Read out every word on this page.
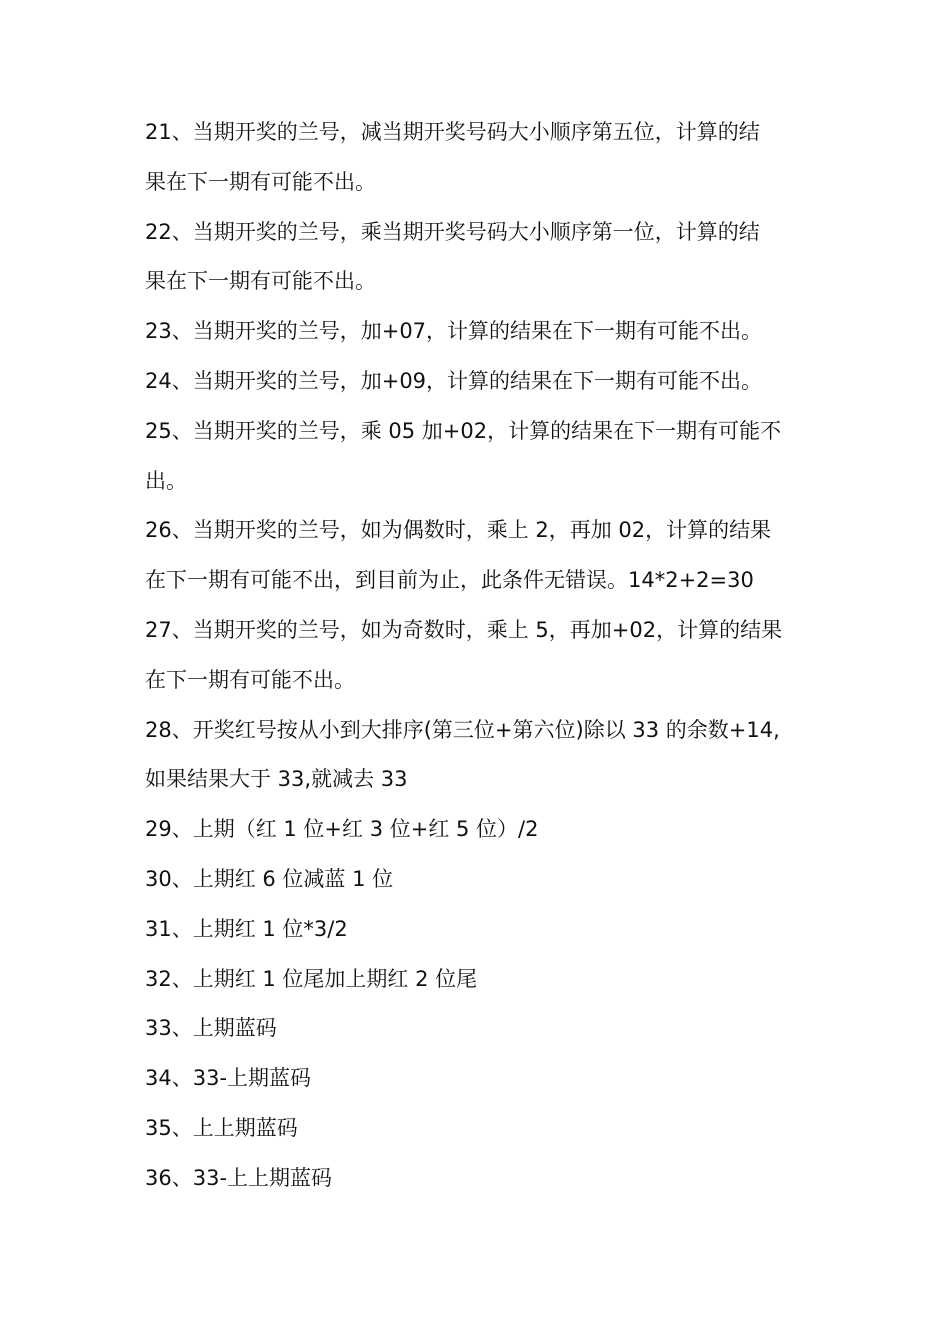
21、当期开奖的兰号，减当期开奖号码大小顺序第五位，计算的结
果在下一期有可能不出。
22、当期开奖的兰号，乘当期开奖号码大小顺序第一位，计算的结
果在下一期有可能不出。
23、当期开奖的兰号，加+07，计算的结果在下一期有可能不出。
24、当期开奖的兰号，加+09，计算的结果在下一期有可能不出。
25、当期开奖的兰号，乘 05 加+02，计算的结果在下一期有可能不
出。
26、当期开奖的兰号，如为偶数时，乘上 2，再加 02，计算的结果
在下一期有可能不出，到目前为止，此条件无错误。14*2+2=30
27、当期开奖的兰号，如为奇数时，乘上 5，再加+02，计算的结果
在下一期有可能不出。
28、开奖红号按从小到大排序(第三位+第六位)除以 33 的余数+14,
如果结果大于 33,就减去 33
29、上期（红 1 位+红 3 位+红 5 位）/2
30、上期红 6 位减蓝 1 位
31、上期红 1 位*3/2
32、上期红 1 位尾加上期红 2 位尾
33、上期蓝码
34、33-上期蓝码
35、上上期蓝码
36、33-上上期蓝码
